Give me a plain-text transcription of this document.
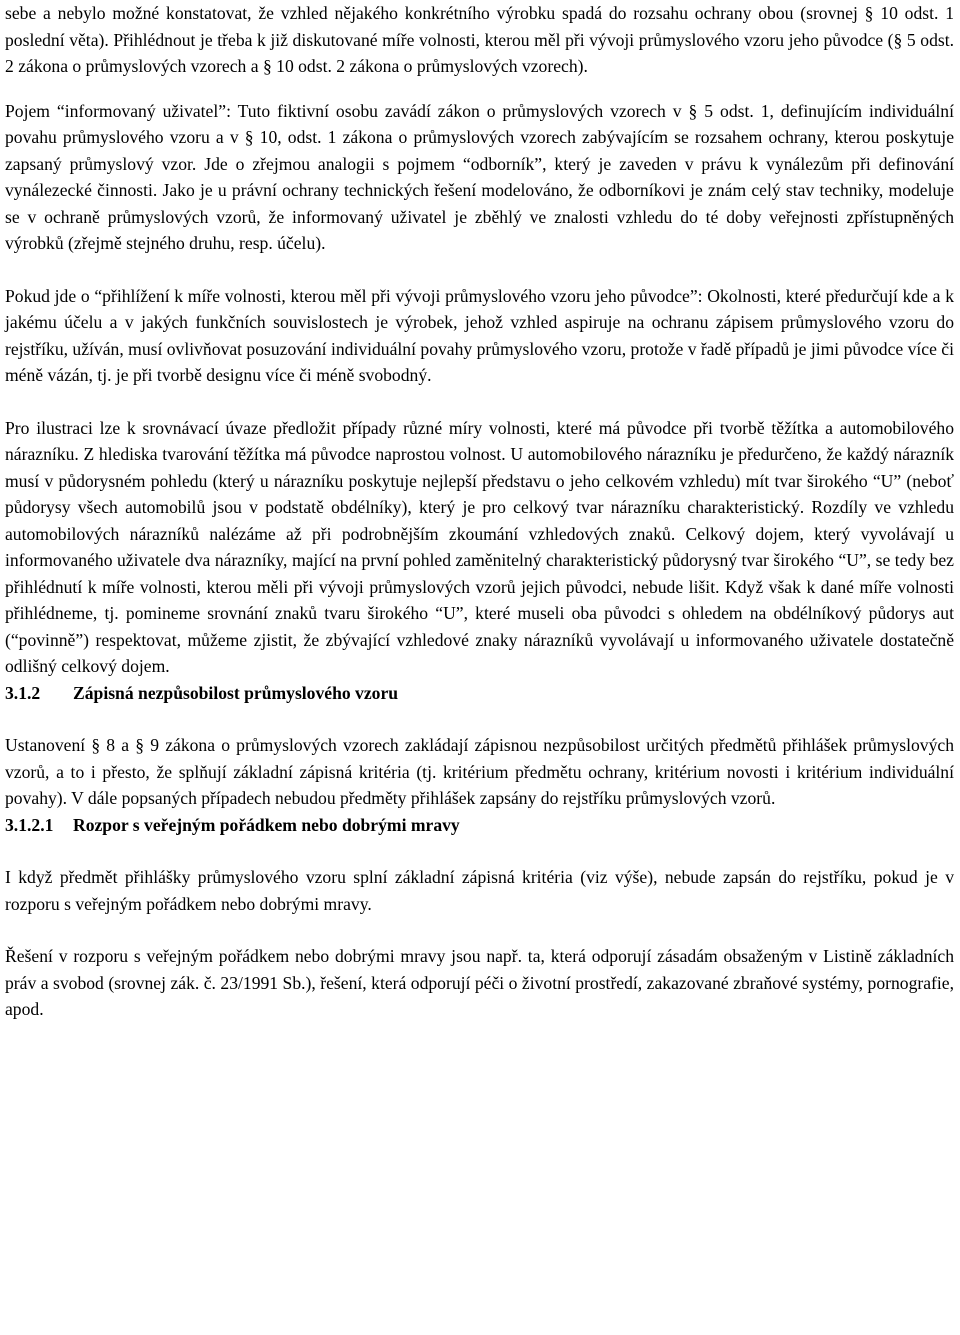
sebe a nebylo možné konstatovat, že vzhled nějakého konkrétního výrobku spadá do rozsahu ochrany obou (srovnej § 10 odst. 1 poslední věta). Přihlédnout je třeba k již diskutované míře volnosti, kterou měl při vývoji průmyslového vzoru jeho původce (§ 5 odst. 2 zákona o průmyslových vzorech a § 10 odst. 2 zákona o průmyslových vzorech).

Pojem “informovaný uživatel”: Tuto fiktivní osobu zavádí zákon o průmyslových vzorech v § 5 odst. 1, definujícím individuální povahu průmyslového vzoru a v § 10, odst. 1 zákona o průmyslových vzorech zabývajícím se rozsahem ochrany, kterou poskytuje zapsaný průmyslový vzor. Jde o zřejmou analogii s pojmem “odborník”, který je zaveden v právu k vynálezům při definování vynálezecké činnosti. Jako je u právní ochrany technických řešení modelováno, že odborníkovi je znám celý stav techniky, modeluje se v ochraně průmyslových vzorů, že informovaný uživatel je zběhlý ve znalosti vzhledu do té doby veřejnosti zpřístupněných výrobků (zřejmě stejného druhu, resp. účelu).

Pokud jde o “přihlížení k míře volnosti, kterou měl při vývoji průmyslového vzoru jeho původce”: Okolnosti, které předurčují kde a k jakému účelu a v jakých funkčních souvislostech je výrobek, jehož vzhled aspiruje na ochranu zápisem průmyslového vzoru do rejstříku, užíván, musí ovlivňovat posuzování individuální povahy průmyslového vzoru, protože v řadě případů je jimi původce více či méně vázán, tj. je při tvorbě designu více či méně svobodný.

Pro ilustraci lze k srovnávací úvaze předložit případy různé míry volnosti, které má původce při tvorbě těžítka a automobilového nárazníku. Z hlediska tvarování těžítka má původce naprostou volnost. U automobilového nárazníku je předurčeno, že každý nárazník musí v půdorysném pohledu (který u nárazníku poskytuje nejlepší představu o jeho celkovém vzhledu) mít tvar širokého “U” (neboť půdorysy všech automobilů jsou v podstatě obdélníky), který je pro celkový tvar nárazníku charakteristický. Rozdíly ve vzhledu automobilových nárazníků nalézáme až při podrobnějším zkoumání vzhledových znaků. Celkový dojem, který vyvolávají u informovaného uživatele dva nárazníky, mající na první pohled zaměnitelný charakteristický půdorysný tvar širokého “U”, se tedy bez přihlédnutí k míře volnosti, kterou měli při vývoji průmyslových vzorů jejich původci, nebude lišit. Když však k dané míře volnosti přihlédneme, tj. pomineme srovnání znaků tvaru širokého “U”, které museli oba původci s ohledem na obdélníkový půdorys aut (“povinně”) respektovat, můžeme zjistit, že zbývající vzhledové znaky nárazníků vyvolávají u informovaného uživatele dostatečně odlišný celkový dojem.

3.1.2 Zápisná nezpůsobilost průmyslového vzoru

Ustanovení § 8 a § 9 zákona o průmyslových vzorech zakládají zápisnou nezpůsobilost určitých předmětů přihlášek průmyslových vzorů, a to i přesto, že splňují základní zápisná kritéria (tj. kritérium předmětu ochrany, kritérium novosti i kritérium individuální povahy). V dále popsaných případech nebudou předměty přihlášek zapsány do rejstříku průmyslových vzorů.

3.1.2.1 Rozpor s veřejným pořádkem nebo dobrými mravy

I když předmět přihlášky průmyslového vzoru splní základní zápisná kritéria (viz výše), nebude zapsán do rejstříku, pokud je v rozporu s veřejným pořádkem nebo dobrými mravy.

Řešení v rozporu s veřejným pořádkem nebo dobrými mravy jsou např. ta, která odporují zásadám obsaženým v Listině základních práv a svobod (srovnej zák. č. 23/1991 Sb.), řešení, která odporují péči o životní prostředí, zakazované zbraňové systémy, pornografie, apod.
